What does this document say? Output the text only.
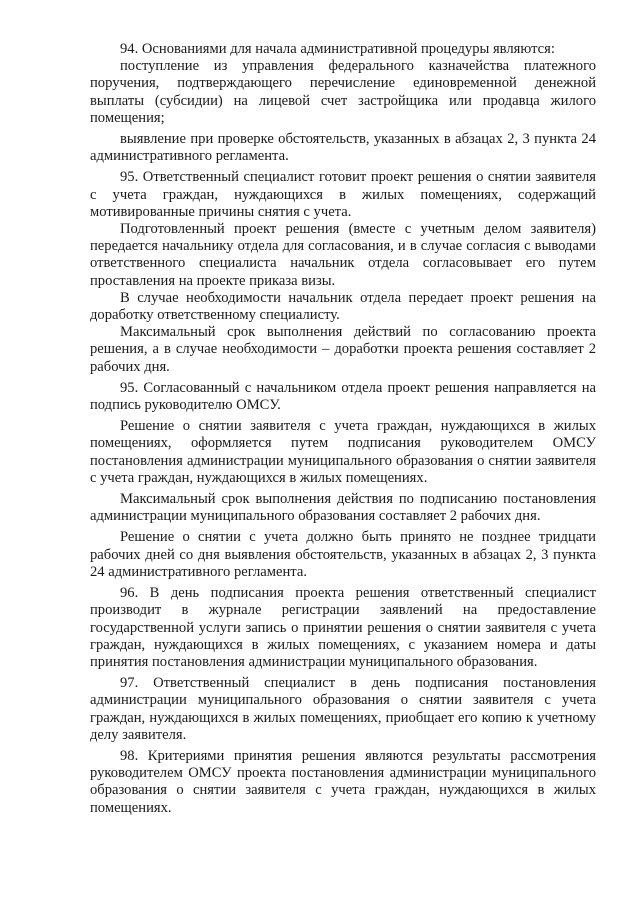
94. Основаниями для начала административной процедуры являются:

поступление из управления федерального казначейства платежного поручения, подтверждающего перечисление единовременной денежной выплаты (субсидии) на лицевой счет застройщика или продавца жилого помещения;

выявление при проверке обстоятельств, указанных в абзацах 2, 3 пункта 24 административного регламента.

95. Ответственный специалист готовит проект решения о снятии заявителя с учета граждан, нуждающихся в жилых помещениях, содержащий мотивированные причины снятия с учета.

Подготовленный проект решения (вместе с учетным делом заявителя) передается начальнику отдела для согласования, и в случае согласия с выводами ответственного специалиста начальник отдела согласовывает его путем проставления на проекте приказа визы.

В случае необходимости начальник отдела передает проект решения на доработку ответственному специалисту.

Максимальный срок выполнения действий по согласованию проекта решения, а в случае необходимости – доработки проекта решения составляет 2 рабочих дня.

95. Согласованный с начальником отдела проект решения направляется на подпись руководителю ОМСУ.

Решение о снятии заявителя с учета граждан, нуждающихся в жилых помещениях, оформляется путем подписания руководителем ОМСУ постановления администрации муниципального образования о снятии заявителя с учета граждан, нуждающихся в жилых помещениях.

Максимальный срок выполнения действия по подписанию постановления администрации муниципального образования составляет 2 рабочих дня.

Решение о снятии с учета должно быть принято не позднее тридцати рабочих дней со дня выявления обстоятельств, указанных в абзацах 2, 3 пункта 24 административного регламента.

96. В день подписания проекта решения ответственный специалист производит в журнале регистрации заявлений на предоставление государственной услуги запись о принятии решения о снятии заявителя с учета граждан, нуждающихся в жилых помещениях, с указанием номера и даты принятия постановления администрации муниципального образования.

97. Ответственный специалист в день подписания постановления администрации муниципального образования о снятии заявителя с учета граждан, нуждающихся в жилых помещениях, приобщает его копию к учетному делу заявителя.

98. Критериями принятия решения являются результаты рассмотрения руководителем ОМСУ проекта постановления администрации муниципального образования о снятии заявителя с учета граждан, нуждающихся в жилых помещениях.
